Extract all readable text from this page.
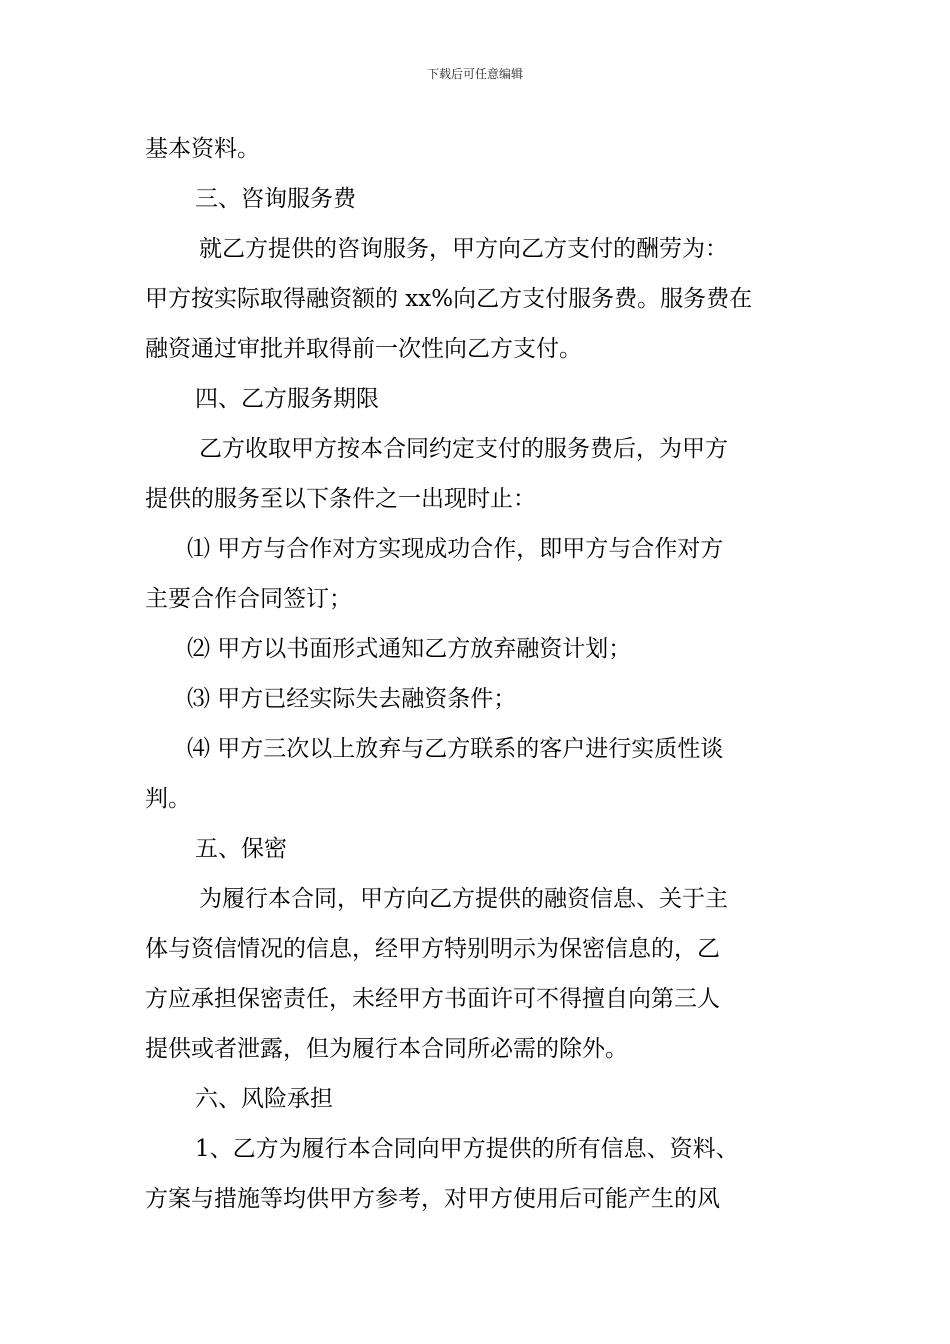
下载后可任意编辑
基本资料。
三、咨询服务费
就乙方提供的咨询服务，甲方向乙方支付的酬劳为：
甲方按实际取得融资额的 xx%向乙方支付服务费。服务费在
融资通过审批并取得前一次性向乙方支付。
四、乙方服务期限
乙方收取甲方按本合同约定支付的服务费后，为甲方
提供的服务至以下条件之一出现时止：
⑴ 甲方与合作对方实现成功合作，即甲方与合作对方
主要合作合同签订；
⑵ 甲方以书面形式通知乙方放弃融资计划；
⑶ 甲方已经实际失去融资条件；
⑷ 甲方三次以上放弃与乙方联系的客户进行实质性谈
判。
五、保密
为履行本合同，甲方向乙方提供的融资信息、关于主
体与资信情况的信息，经甲方特别明示为保密信息的，乙
方应承担保密责任，未经甲方书面许可不得擅自向第三人
提供或者泄露，但为履行本合同所必需的除外。
六、风险承担
1、乙方为履行本合同向甲方提供的所有信息、资料、
方案与措施等均供甲方参考，对甲方使用后可能产生的风
